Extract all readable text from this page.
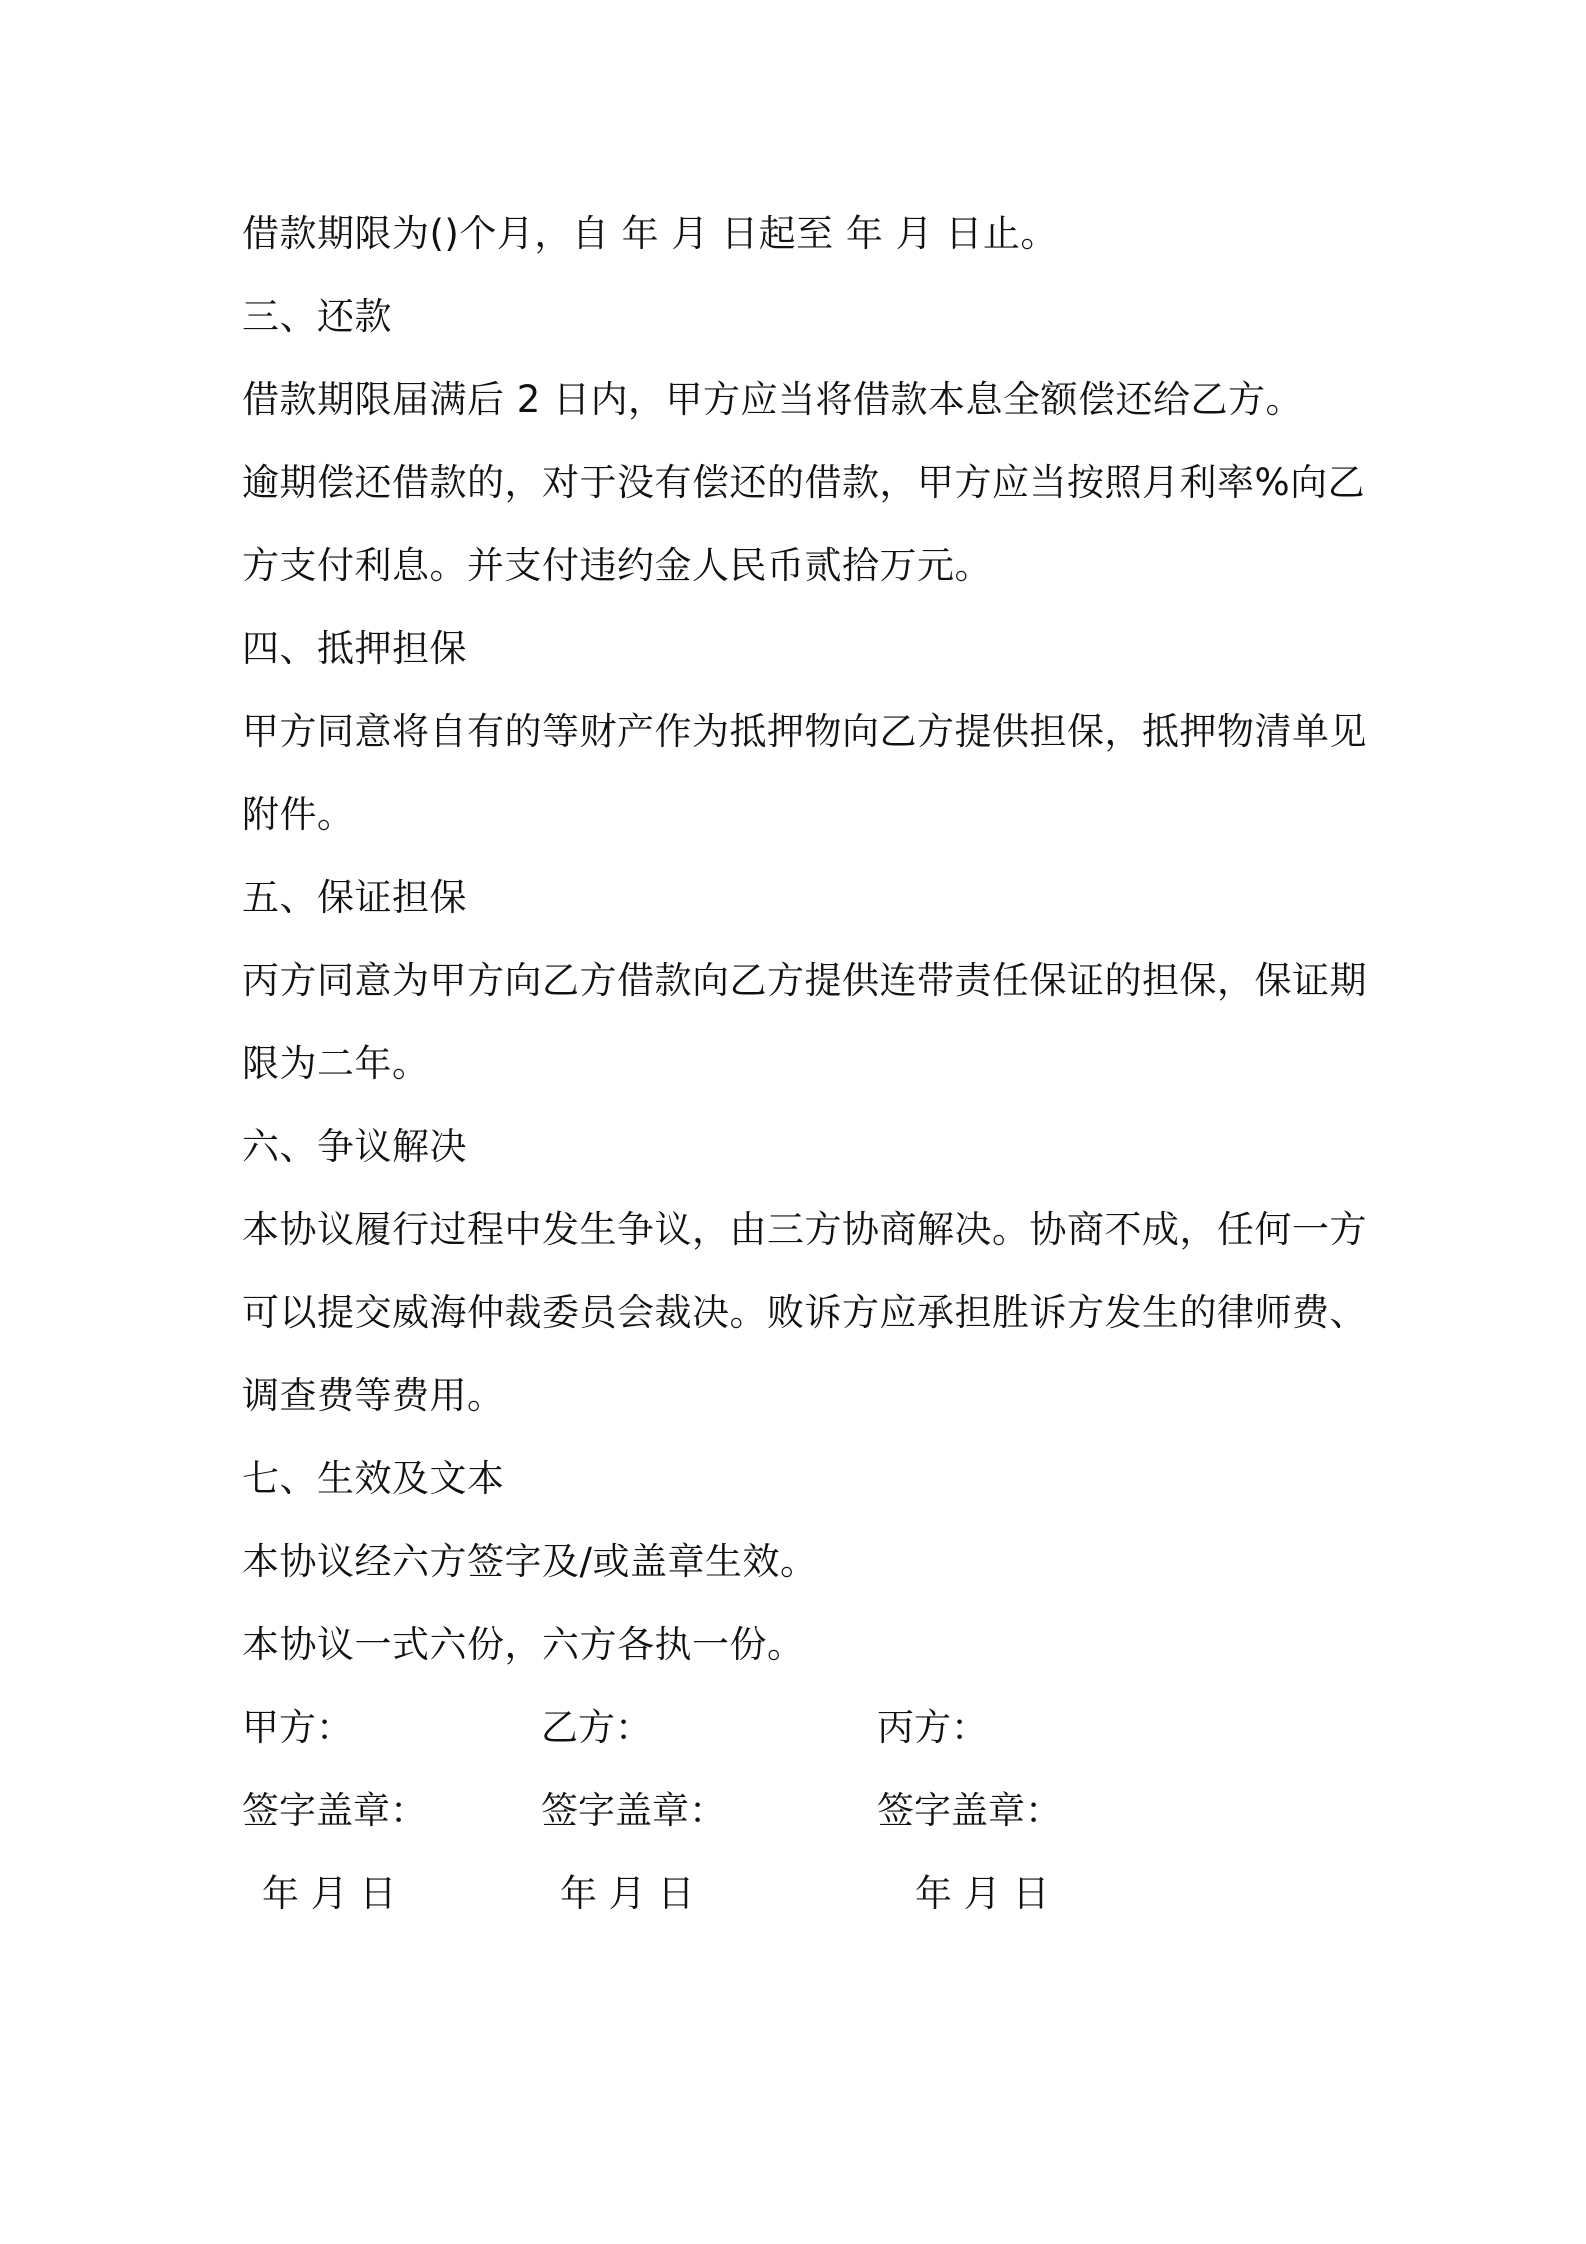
借款期限为()个月，自 年 月 日起至 年 月 日止。

三、还款

借款期限届满后 2 日内，甲方应当将借款本息全额偿还给乙方。

逾期偿还借款的，对于没有偿还的借款，甲方应当按照月利率%向乙

方支付利息。并支付违约金人民币贰拾万元。

四、抵押担保

甲方同意将自有的等财产作为抵押物向乙方提供担保，抵押物清单见

附件。

五、保证担保

丙方同意为甲方向乙方借款向乙方提供连带责任保证的担保，保证期

限为二年。

六、争议解决

本协议履行过程中发生争议，由三方协商解决。协商不成，任何一方

可以提交威海仲裁委员会裁决。败诉方应承担胜诉方发生的律师费、

调查费等费用。

七、生效及文本

本协议经六方签字及/或盖章生效。

本协议一式六份，六方各执一份。

甲方：	乙方：	丙方：

签字盖章：	签字盖章：	签字盖章：

年 月 日	年 月 日	年 月 日
